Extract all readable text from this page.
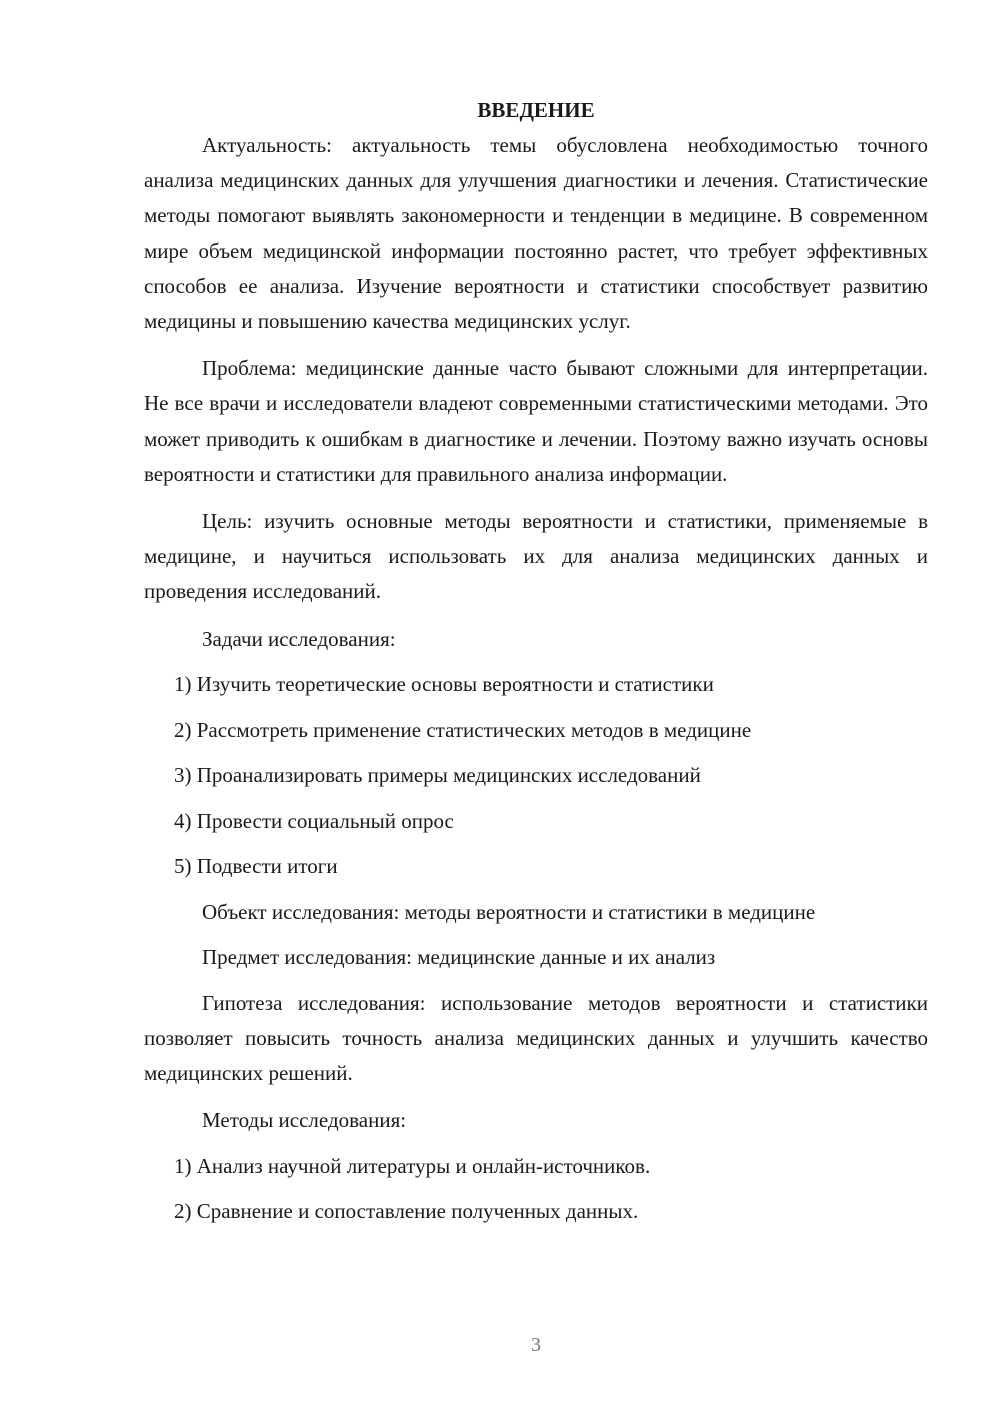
ВВЕДЕНИЕ

Актуальность: актуальность темы обусловлена необходимостью точного анализа медицинских данных для улучшения диагностики и лечения. Статистические методы помогают выявлять закономерности и тенденции в медицине. В современном мире объем медицинской информации постоянно растет, что требует эффективных способов ее анализа. Изучение вероятности и статистики способствует развитию медицины и повышению качества медицинских услуг.

Проблема: медицинские данные часто бывают сложными для интерпретации. Не все врачи и исследователи владеют современными статистическими методами. Это может приводить к ошибкам в диагностике и лечении. Поэтому важно изучать основы вероятности и статистики для правильного анализа информации.

Цель: изучить основные методы вероятности и статистики, применяемые в медицине, и научиться использовать их для анализа медицинских данных и проведения исследований.

Задачи исследования:
1) Изучить теоретические основы вероятности и статистики
2) Рассмотреть применение статистических методов в медицине
3) Проанализировать примеры медицинских исследований
4) Провести социальный опрос
5) Подвести итоги
Объект исследования: методы вероятности и статистики в медицине
Предмет исследования: медицинские данные и их анализ

Гипотеза исследования: использование методов вероятности и статистики позволяет повысить точность анализа медицинских данных и улучшить качество медицинских решений.

Методы исследования:
1) Анализ научной литературы и онлайн-источников.
2) Сравнение и сопоставление полученных данных.
3
